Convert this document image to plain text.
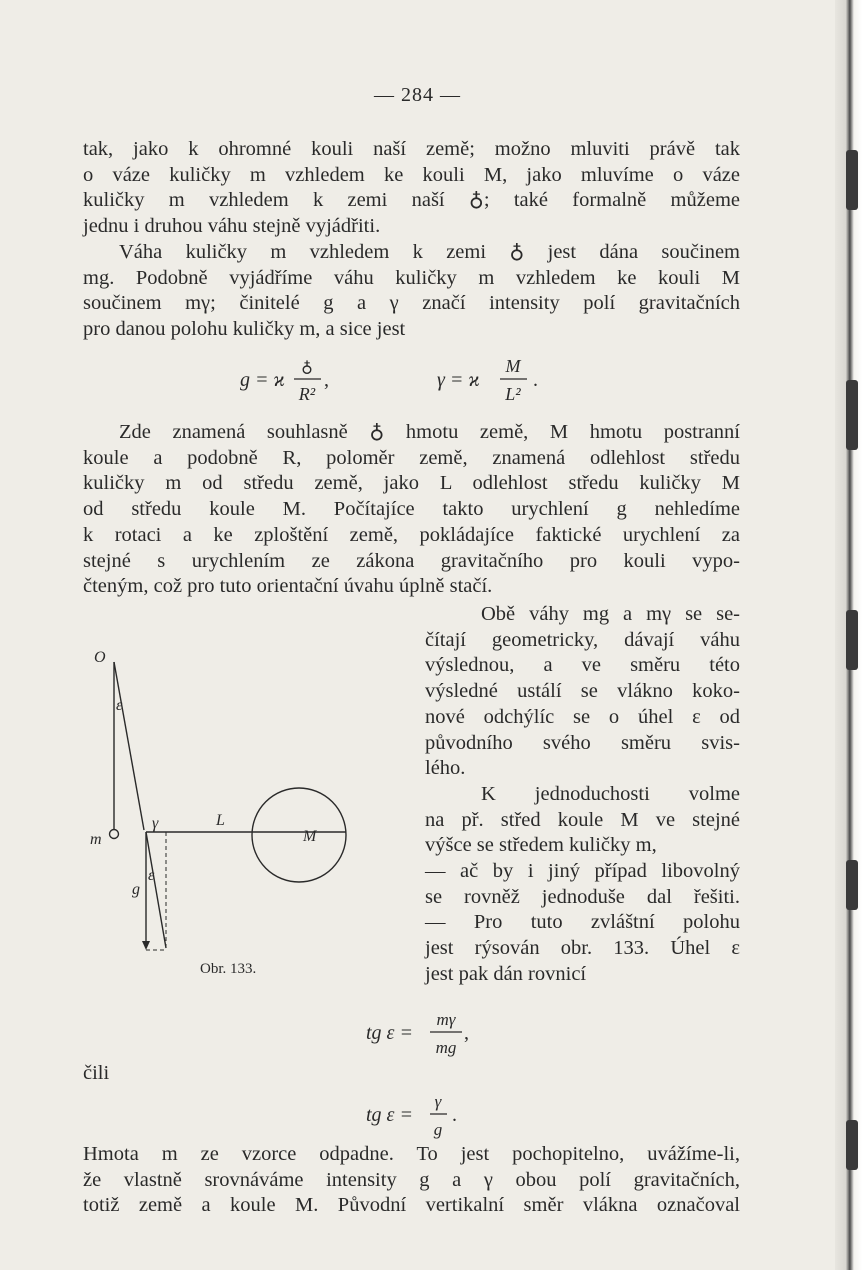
— 284 —
tak, jako k ohromné kouli naší země; možno mluviti právě tak
o váze kuličky m vzhledem ke kouli M, jako mluvíme o váze
kuličky m vzhledem k zemi naší ♁; také formalně můžeme
jednu i druhou váhu stejně vyjádřiti.
Váha kuličky m vzhledem k zemi ♁ jest dána součinem
mg. Podobně vyjádříme váhu kuličky m vzhledem ke kouli M
součinem mγ; činitelé g a γ značí intensity polí gravitačních
pro danou polohu kuličky m, a sice jest
g = ϰ
♁
R²
,	γ = ϰ
M
L²
.
Zde znamená souhlasně ♁ hmotu země, M hmotu postranní
koule a podobně R, poloměr země, znamená odlehlost středu
kuličky m od středu země, jako L odlehlost středu kuličky M
od středu koule M. Počítajíce takto urychlení g nehledíme
k rotaci a ke zploštění země, pokládajíce faktické urychlení za
stejné s urychlením ze zákona gravitačního pro kouli vypo-
čteným, což pro tuto orientační úvahu úplně stačí.
Obě váhy mg a mγ se se-
čítají geometricky, dávají váhu
výslednou, a ve směru této
výsledné ustálí se vlákno koko-
nové odchýlíc se o úhel ε od
původního svého směru svis-
lého.
K jednoduchosti volme
na př. střed koule M ve stejné
výšce se středem kuličky m,
— ač by i jiný případ libovolný
se rovněž jednoduše dal řešiti.
— Pro tuto zvláštní polohu
jest rýsován obr. 133. Úhel ε
jest pak dán rovnicí
O
ε
m
γ	L
M
g
ε
Obr. 133.
tg ε =
mγ
mg
,
čili
tg ε =
γ
g
.
Hmota m ze vzorce odpadne. To jest pochopitelno, uvážíme-li,
že vlastně srovnáváme intensity g a γ obou polí gravitačních,
totiž země a koule M. Původní vertikalní směr vlákna označoval
